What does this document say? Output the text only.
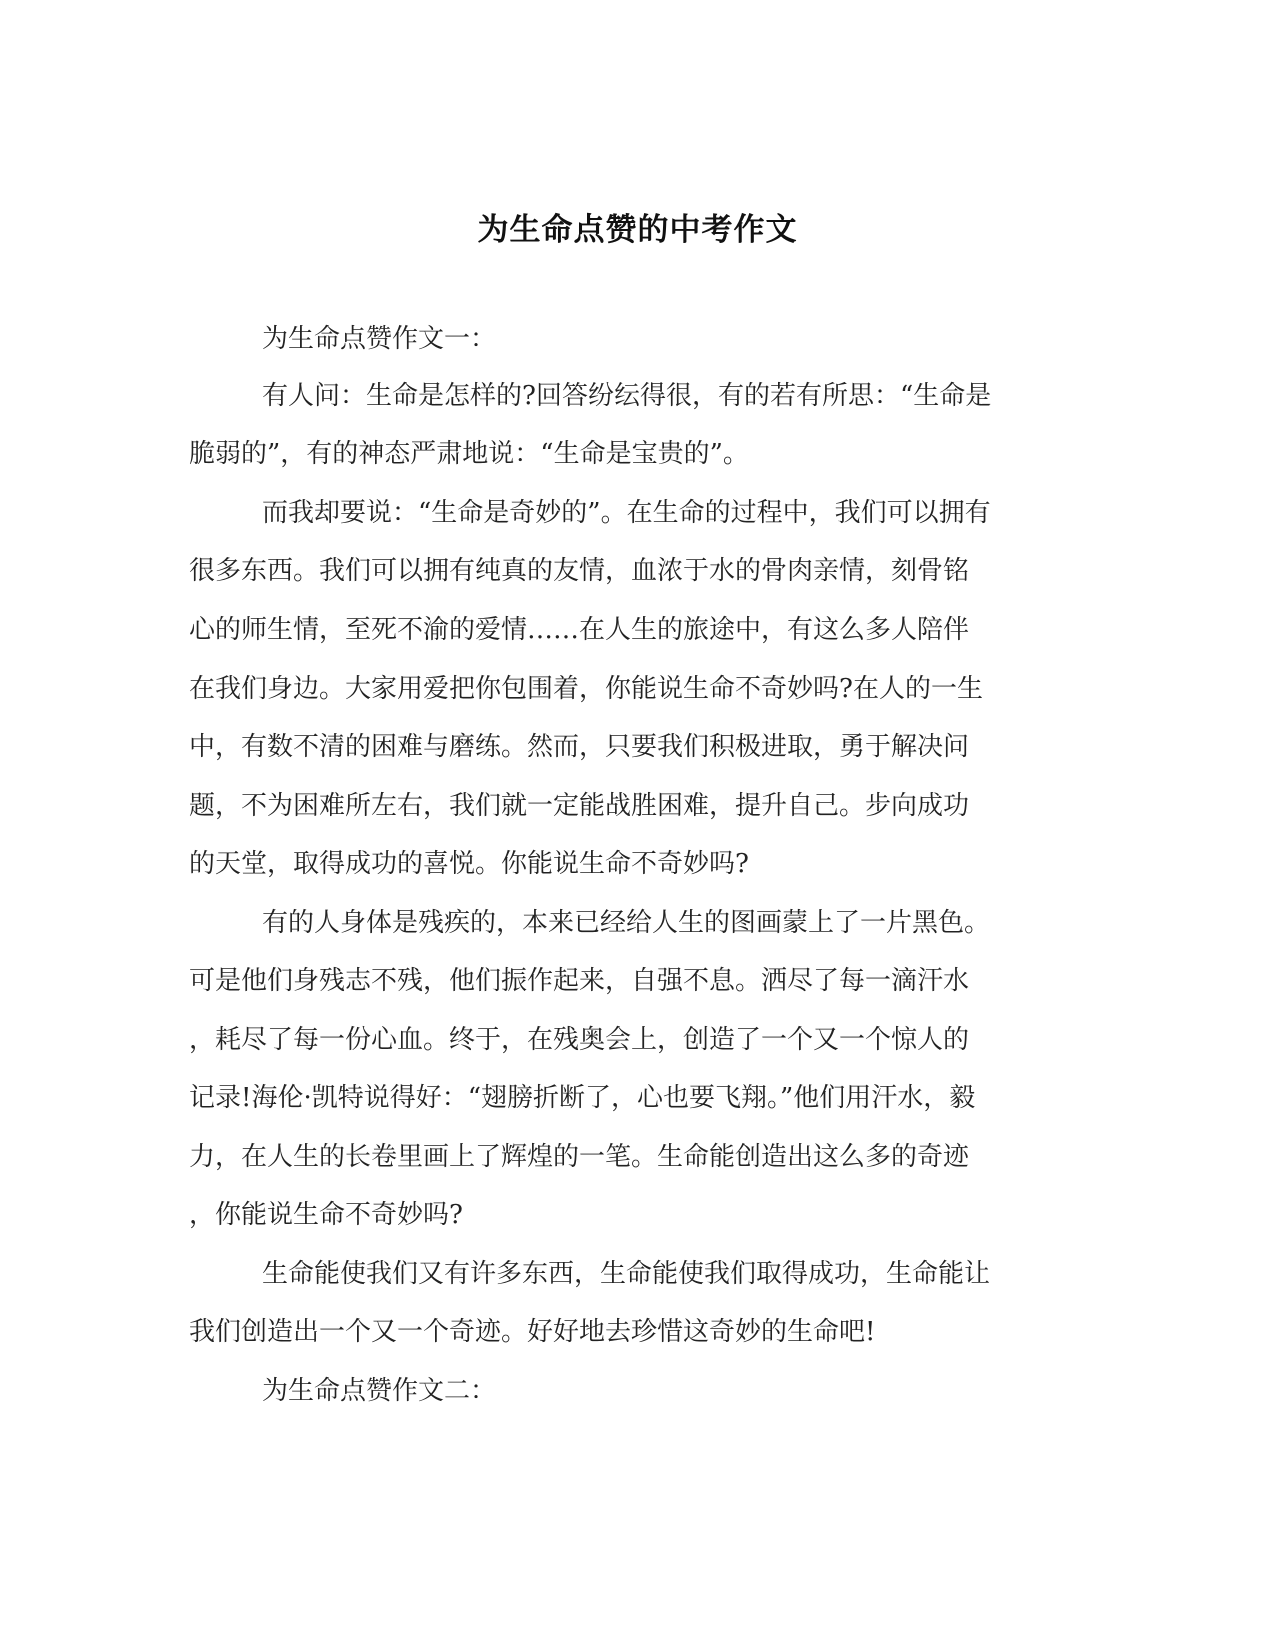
为生命点赞的中考作文
为生命点赞作文一：
有人问：生命是怎样的?回答纷纭得很，有的若有所思：“生命是
脆弱的”，有的神态严肃地说：“生命是宝贵的”。
而我却要说：“生命是奇妙的”。在生命的过程中，我们可以拥有
很多东西。我们可以拥有纯真的友情，血浓于水的骨肉亲情，刻骨铭
心的师生情，至死不渝的爱情……在人生的旅途中，有这么多人陪伴
在我们身边。大家用爱把你包围着，你能说生命不奇妙吗?在人的一生
中，有数不清的困难与磨练。然而，只要我们积极进取，勇于解决问
题，不为困难所左右，我们就一定能战胜困难，提升自己。步向成功
的天堂，取得成功的喜悦。你能说生命不奇妙吗?
有的人身体是残疾的，本来已经给人生的图画蒙上了一片黑色。
可是他们身残志不残，他们振作起来，自强不息。洒尽了每一滴汗水
，耗尽了每一份心血。终于，在残奥会上，创造了一个又一个惊人的
记录!海伦·凯特说得好：“翅膀折断了，心也要飞翔。”他们用汗水，毅
力，在人生的长卷里画上了辉煌的一笔。生命能创造出这么多的奇迹
，你能说生命不奇妙吗?
生命能使我们又有许多东西，生命能使我们取得成功，生命能让
我们创造出一个又一个奇迹。好好地去珍惜这奇妙的生命吧!
为生命点赞作文二：
